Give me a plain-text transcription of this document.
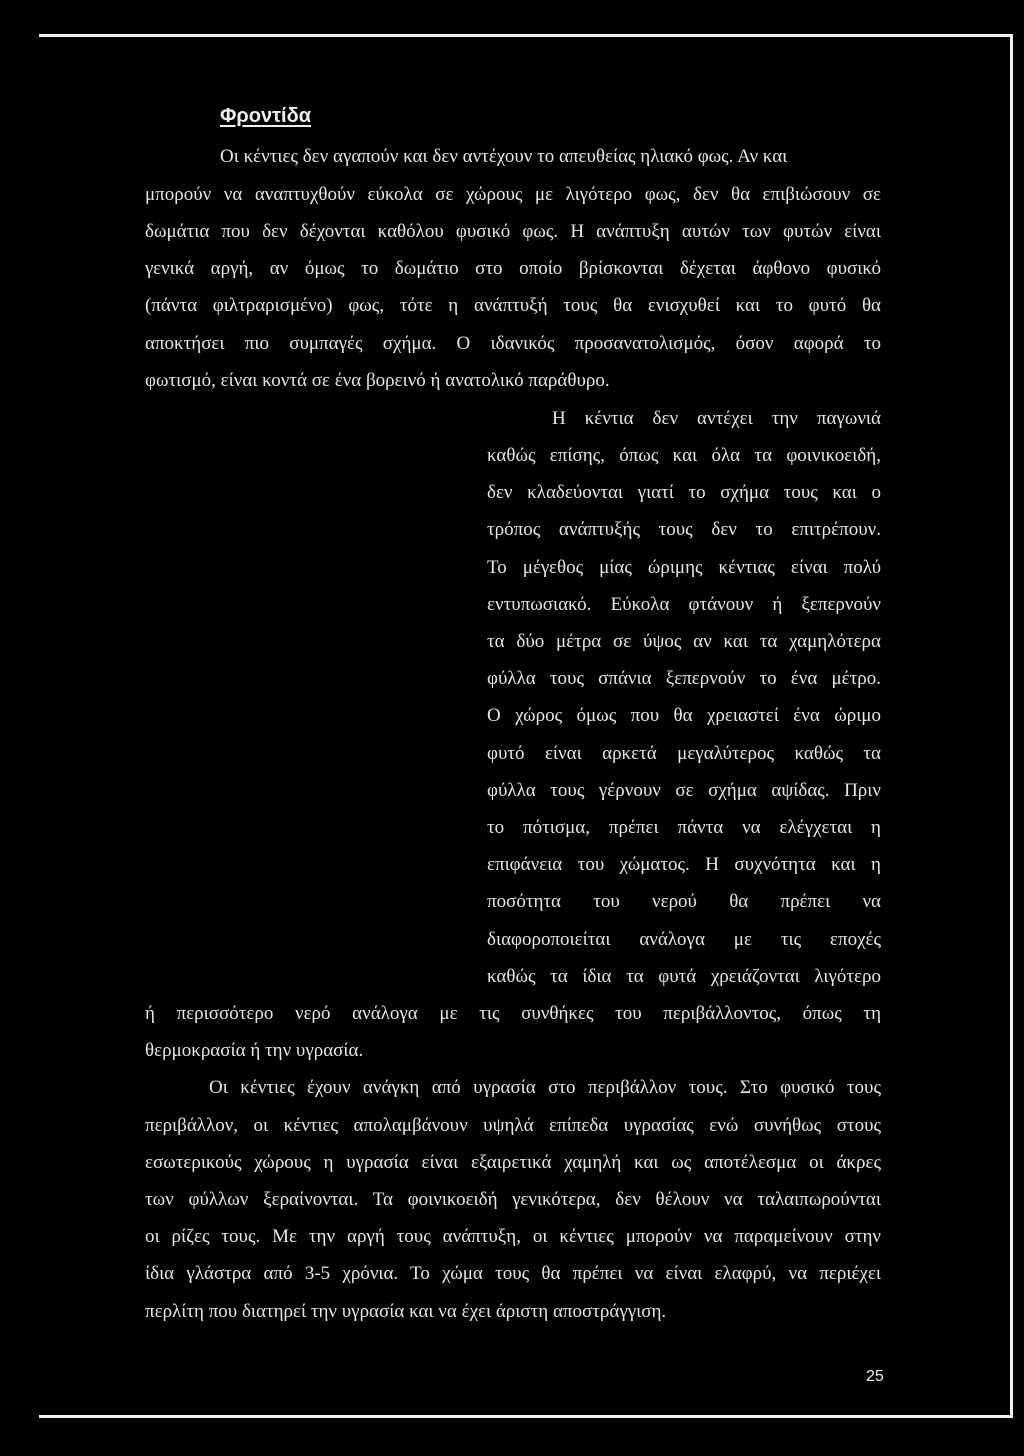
Φροντίδα
Οι κέντιες δεν αγαπούν και δεν αντέχουν το απευθείας ηλιακό φως. Αν και
μπορούν να αναπτυχθούν εύκολα σε χώρους με λιγότερο φως, δεν θα επιβιώσουν σε
δωμάτια που δεν δέχονται καθόλου φυσικό φως. Η ανάπτυξη αυτών των φυτών είναι
γενικά αργή, αν όμως το δωμάτιο στο οποίο βρίσκονται δέχεται άφθονο φυσικό
(πάντα φιλτραρισμένο) φως, τότε η ανάπτυξή τους θα ενισχυθεί και το φυτό θα
αποκτήσει πιο συμπαγές σχήμα. Ο ιδανικός προσανατολισμός, όσον αφορά το
φωτισμό, είναι κοντά σε ένα βορεινό ή ανατολικό παράθυρο.
Η κέντια δεν αντέχει την παγωνιά
καθώς επίσης, όπως και όλα τα φοινικοειδή,
δεν κλαδεύονται γιατί το σχήμα τους και ο
τρόπος ανάπτυξής τους δεν το επιτρέπουν.
Το μέγεθος μίας ώριμης κέντιας είναι πολύ
εντυπωσιακό. Εύκολα φτάνουν ή ξεπερνούν
τα δύο μέτρα σε ύψος αν και τα χαμηλότερα
φύλλα τους σπάνια ξεπερνούν το ένα μέτρο.
Ο χώρος όμως που θα χρειαστεί ένα ώριμο
φυτό είναι αρκετά μεγαλύτερος καθώς τα
φύλλα τους γέρνουν σε σχήμα αψίδας. Πριν
το πότισμα, πρέπει πάντα να ελέγχεται η
επιφάνεια του χώματος. Η συχνότητα και η
ποσότητα του νερού θα πρέπει να
διαφοροποιείται ανάλογα με τις εποχές
καθώς τα ίδια τα φυτά χρειάζονται λιγότερο
ή περισσότερο νερό ανάλογα με τις συνθήκες του περιβάλλοντος, όπως τη
θερμοκρασία ή την υγρασία.
Οι κέντιες έχουν ανάγκη από υγρασία στο περιβάλλον τους. Στο φυσικό τους
περιβάλλον, οι κέντιες απολαμβάνουν υψηλά επίπεδα υγρασίας ενώ συνήθως στους
εσωτερικούς χώρους η υγρασία είναι εξαιρετικά χαμηλή και ως αποτέλεσμα οι άκρες
των φύλλων ξεραίνονται. Τα φοινικοειδή γενικότερα, δεν θέλουν να ταλαιπωρούνται
οι ρίζες τους. Με την αργή τους ανάπτυξη, οι κέντιες μπορούν να παραμείνουν στην
ίδια γλάστρα από 3-5 χρόνια. Το χώμα τους θα πρέπει να είναι ελαφρύ, να περιέχει
περλίτη που διατηρεί την υγρασία και να έχει άριστη αποστράγγιση.
25
